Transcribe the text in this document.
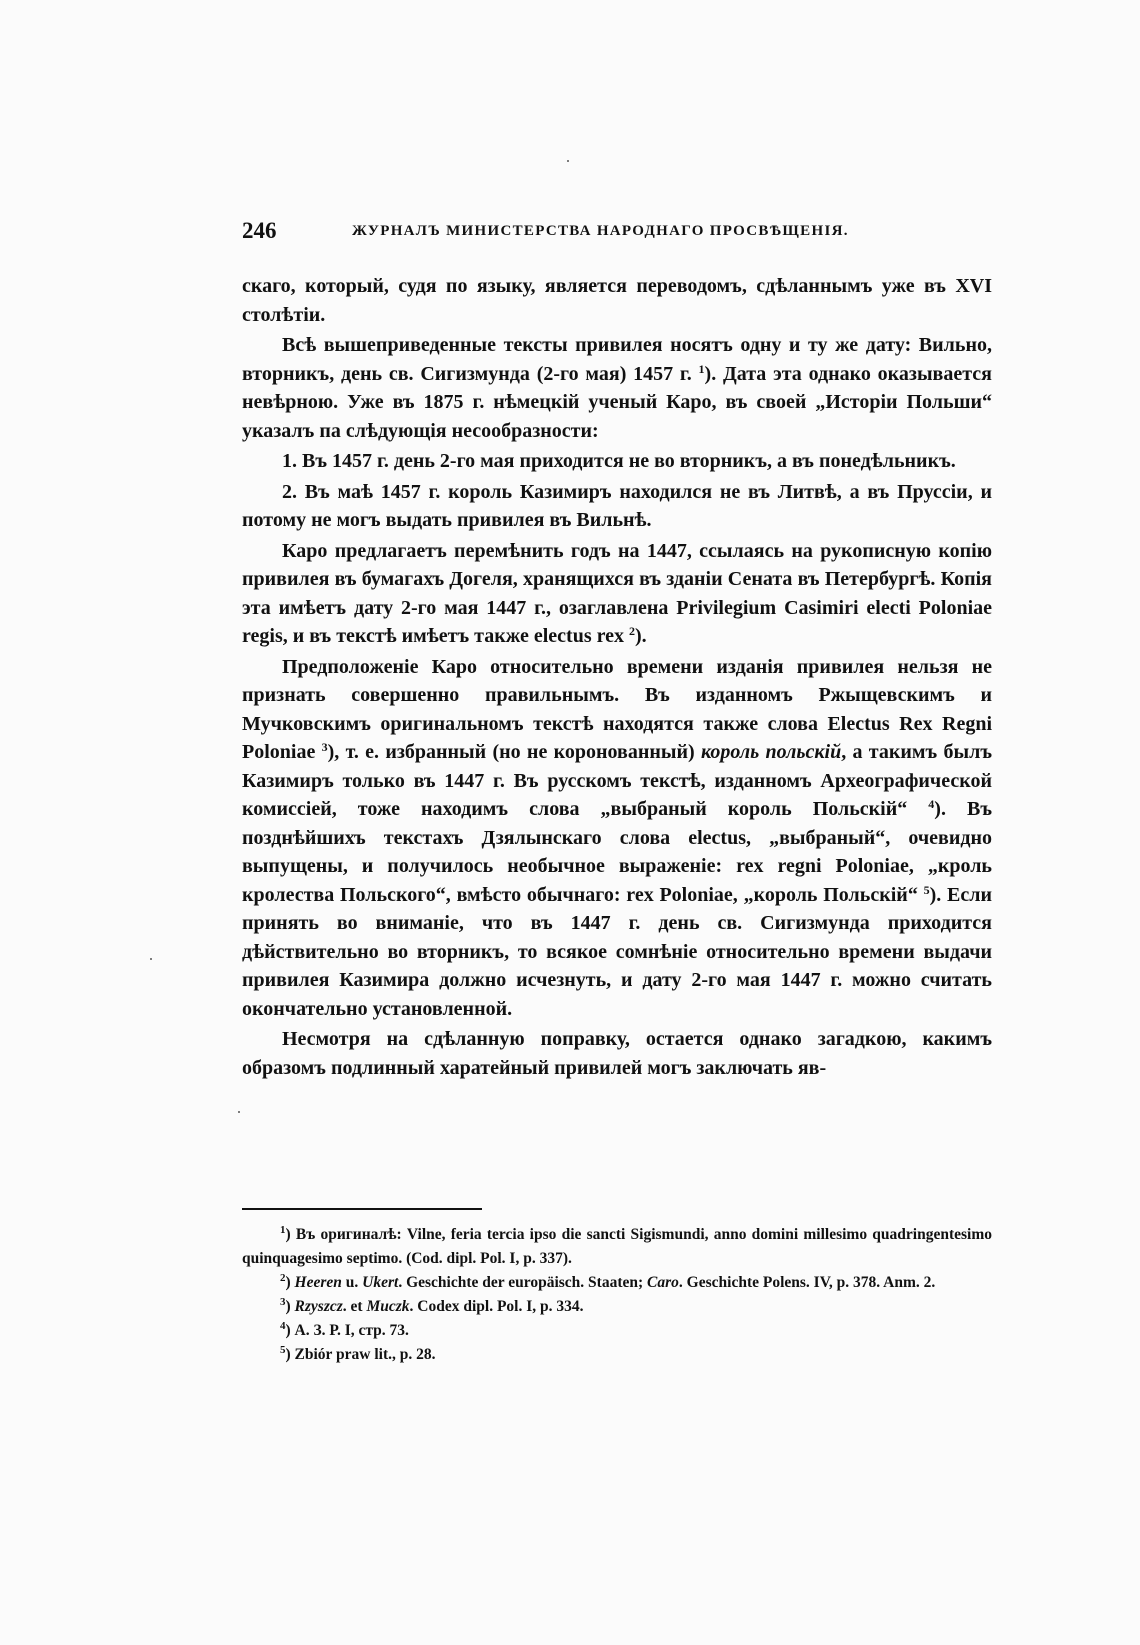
246	ЖУРНАЛЪ МИНИСТЕРСТВА НАРОДНАГО ПРОСВѢЩЕНІЯ.

скаго, который, судя по языку, является переводомъ, сдѣланнымъ уже въ XVI столѣтіи.

Всѣ вышеприведенные тексты привилея носятъ одну и ту же дату: Вильно, вторникъ, день св. Сигизмунда (2-го мая) 1457 г. $^1$). Дата эта однако оказывается невѣрною. Уже въ 1875 г. нѣмецкій ученый Каро, въ своей „Исторіи Польши“ указалъ па слѣдующія несообразности:

1. Въ 1457 г. день 2-го мая приходится не во вторникъ, а въ понедѣльникъ.

2. Въ маѣ 1457 г. король Казимиръ находился не въ Литвѣ, а въ Пруссіи, и потому не могъ выдать привилея въ Вильнѣ.

Каро предлагаетъ перемѣнить годъ на 1447, ссылаясь на рукописную копію привилея въ бумагахъ Догеля, хранящихся въ зданіи Сената въ Петербургѣ. Копія эта имѣетъ дату 2-го мая 1447 г., озаглавлена Privilegium Casimiri electi Poloniae regis, и въ текстѣ имѣетъ также electus rex $^2$).

Предположеніе Каро относительно времени изданія привилея нельзя не признать совершенно правильнымъ. Въ изданномъ Ржыщевскимъ и Мучковскимъ оригинальномъ текстѣ находятся также слова Electus Rex Regni Poloniae $^3$), т. е. избранный (но не коронованный) король польскій, а такимъ былъ Казимиръ только въ 1447 г. Въ русскомъ текстѣ, изданномъ Археографической комиссіей, тоже находимъ слова „выбраный король Польскій“ $^4$). Въ позднѣйшихъ текстахъ Дзялынскаго слова electus, „выбраный“, очевидно выпущены, и получилось необычное выраженіе: rex regni Poloniae, „кроль кролества Польского“, вмѣсто обычнаго: rex Poloniae, „король Польскій“ $^5$). Если принять во вниманіе, что въ 1447 г. день св. Сигизмунда приходится дѣйствительно во вторникъ, то всякое сомнѣніе относительно времени выдачи привилея Казимира должно исчезнуть, и дату 2-го мая 1447 г. можно считать окончательно установленной.

Несмотря на сдѣланную поправку, остается однако загадкою, какимъ образомъ подлинный харатейный привилей могъ заключать яв-

$^1$) Въ оригиналѣ: Vilne, feria tercia ipso die sancti Sigismundi, anno domini millesimo quadringentesimo quinquagesimo septimo. (Cod. dipl. Pol. I, p. 337).

$^2$) Heeren u. Ukert. Geschichte der europäisch. Staaten; Caro. Geschichte Polens. IV, p. 378. Anm. 2.

$^3$) Rzyszcz. et Muczk. Codex dipl. Pol. I, p. 334.

$^4$) А. З. Р. I, стр. 73.

$^5$) Zbiór praw lit., p. 28.
